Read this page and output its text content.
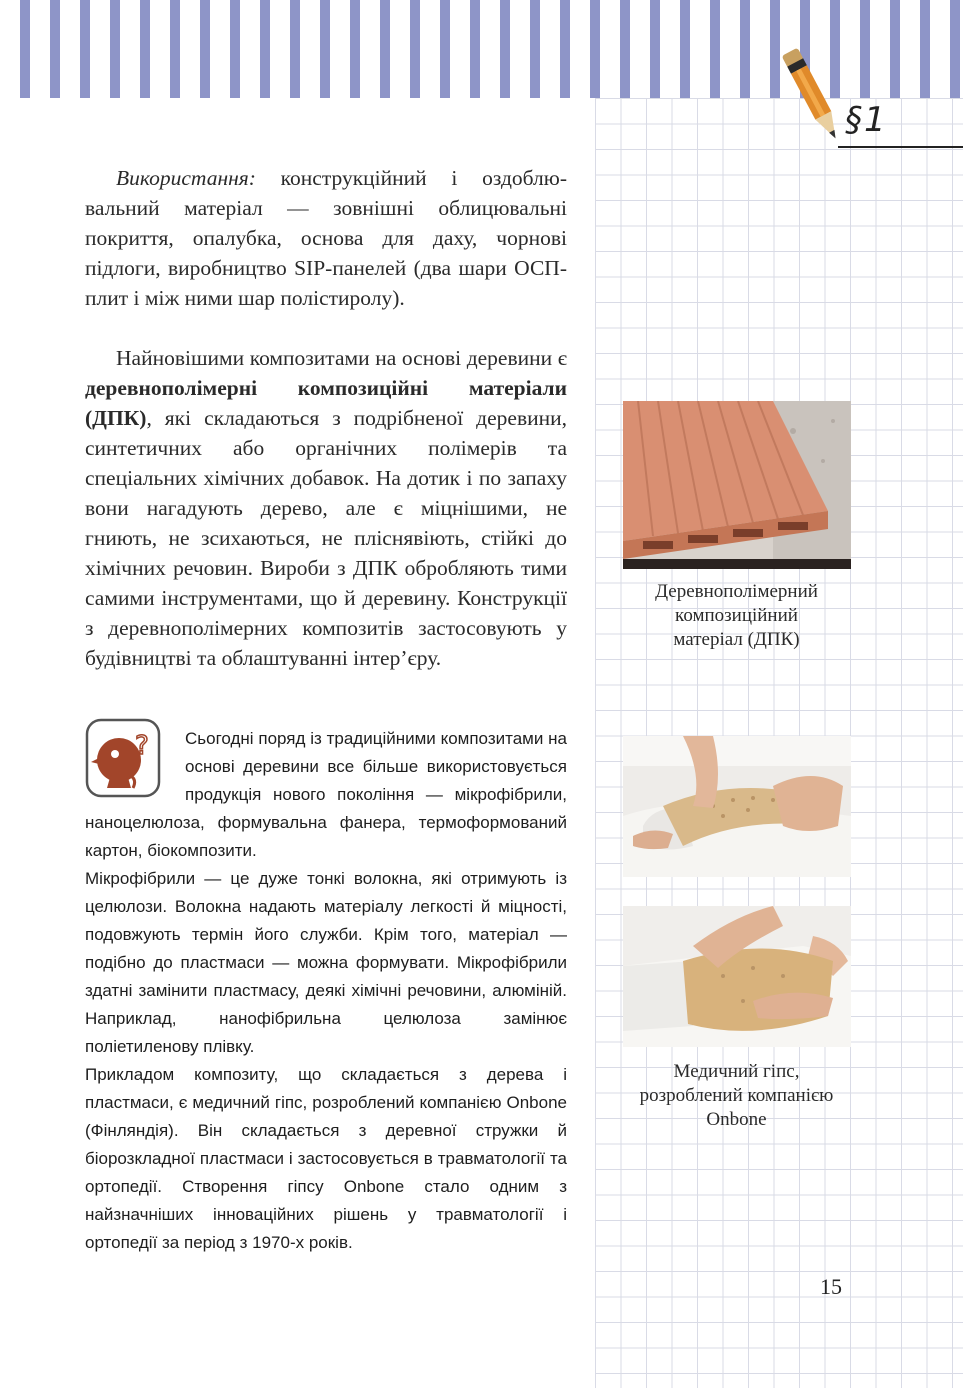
§1

Використання: конструкційний і оздоблю-вальний матеріал — зовнішні облицювальні покриття, опалубка, основа для даху, чорнові підлоги, виробництво SIP-панелей (два шари ОСП-плит і між ними шар полістиролу).

Найновішими композитами на основі деревини є деревнополімерні композиційні матеріали (ДПК), які складаються з подрібненої деревини, синтетичних або органічних полімерів та спеціальних хімічних добавок. На дотик і по запаху вони нагадують дерево, але є міцнішими, не гниють, не зсихаються, не пліснявіють, стійкі до хімічних речовин. Вироби з ДПК обробляють тими самими інструментами, що й деревину. Конструкції з деревнополімерних композитів застосовують у будівництві та облаштуванні інтер’єру.

?	Сьогодні поряд із традиційними композитами на основі деревини все більше використовується продукція нового покоління — мікрофібрили, наноцелюлоза, формувальна фанера, термоформований картон, біокомпозити.

Мікрофібрили — це дуже тонкі волокна, які отримують із целюлози. Волокна надають матеріалу легкості й міцності, подовжують термін його служби. Крім того, матеріал — подібно до пластмаси — можна формувати. Мікрофібрили здатні замінити пластмасу, деякі хімічні речовини, алюміній. Наприклад, нанофібрильна целюлоза замінює поліетиленову плівку.

Прикладом композиту, що складається з дерева і пластмаси, є медичний гіпс, розроблений компанією Onbone (Фінляндія). Він складається з деревної стружки й біорозкладної пластмаси і застосовується в травматології та ортопедії. Створення гіпсу Onbone стало одним з найзначніших інноваційних рішень у травматології і ортопедії за період з 1970-х років.

Деревнополімерний
композиційний
матеріал (ДПК)
Медичний гіпс,
розроблений компанією
Onbone
15
